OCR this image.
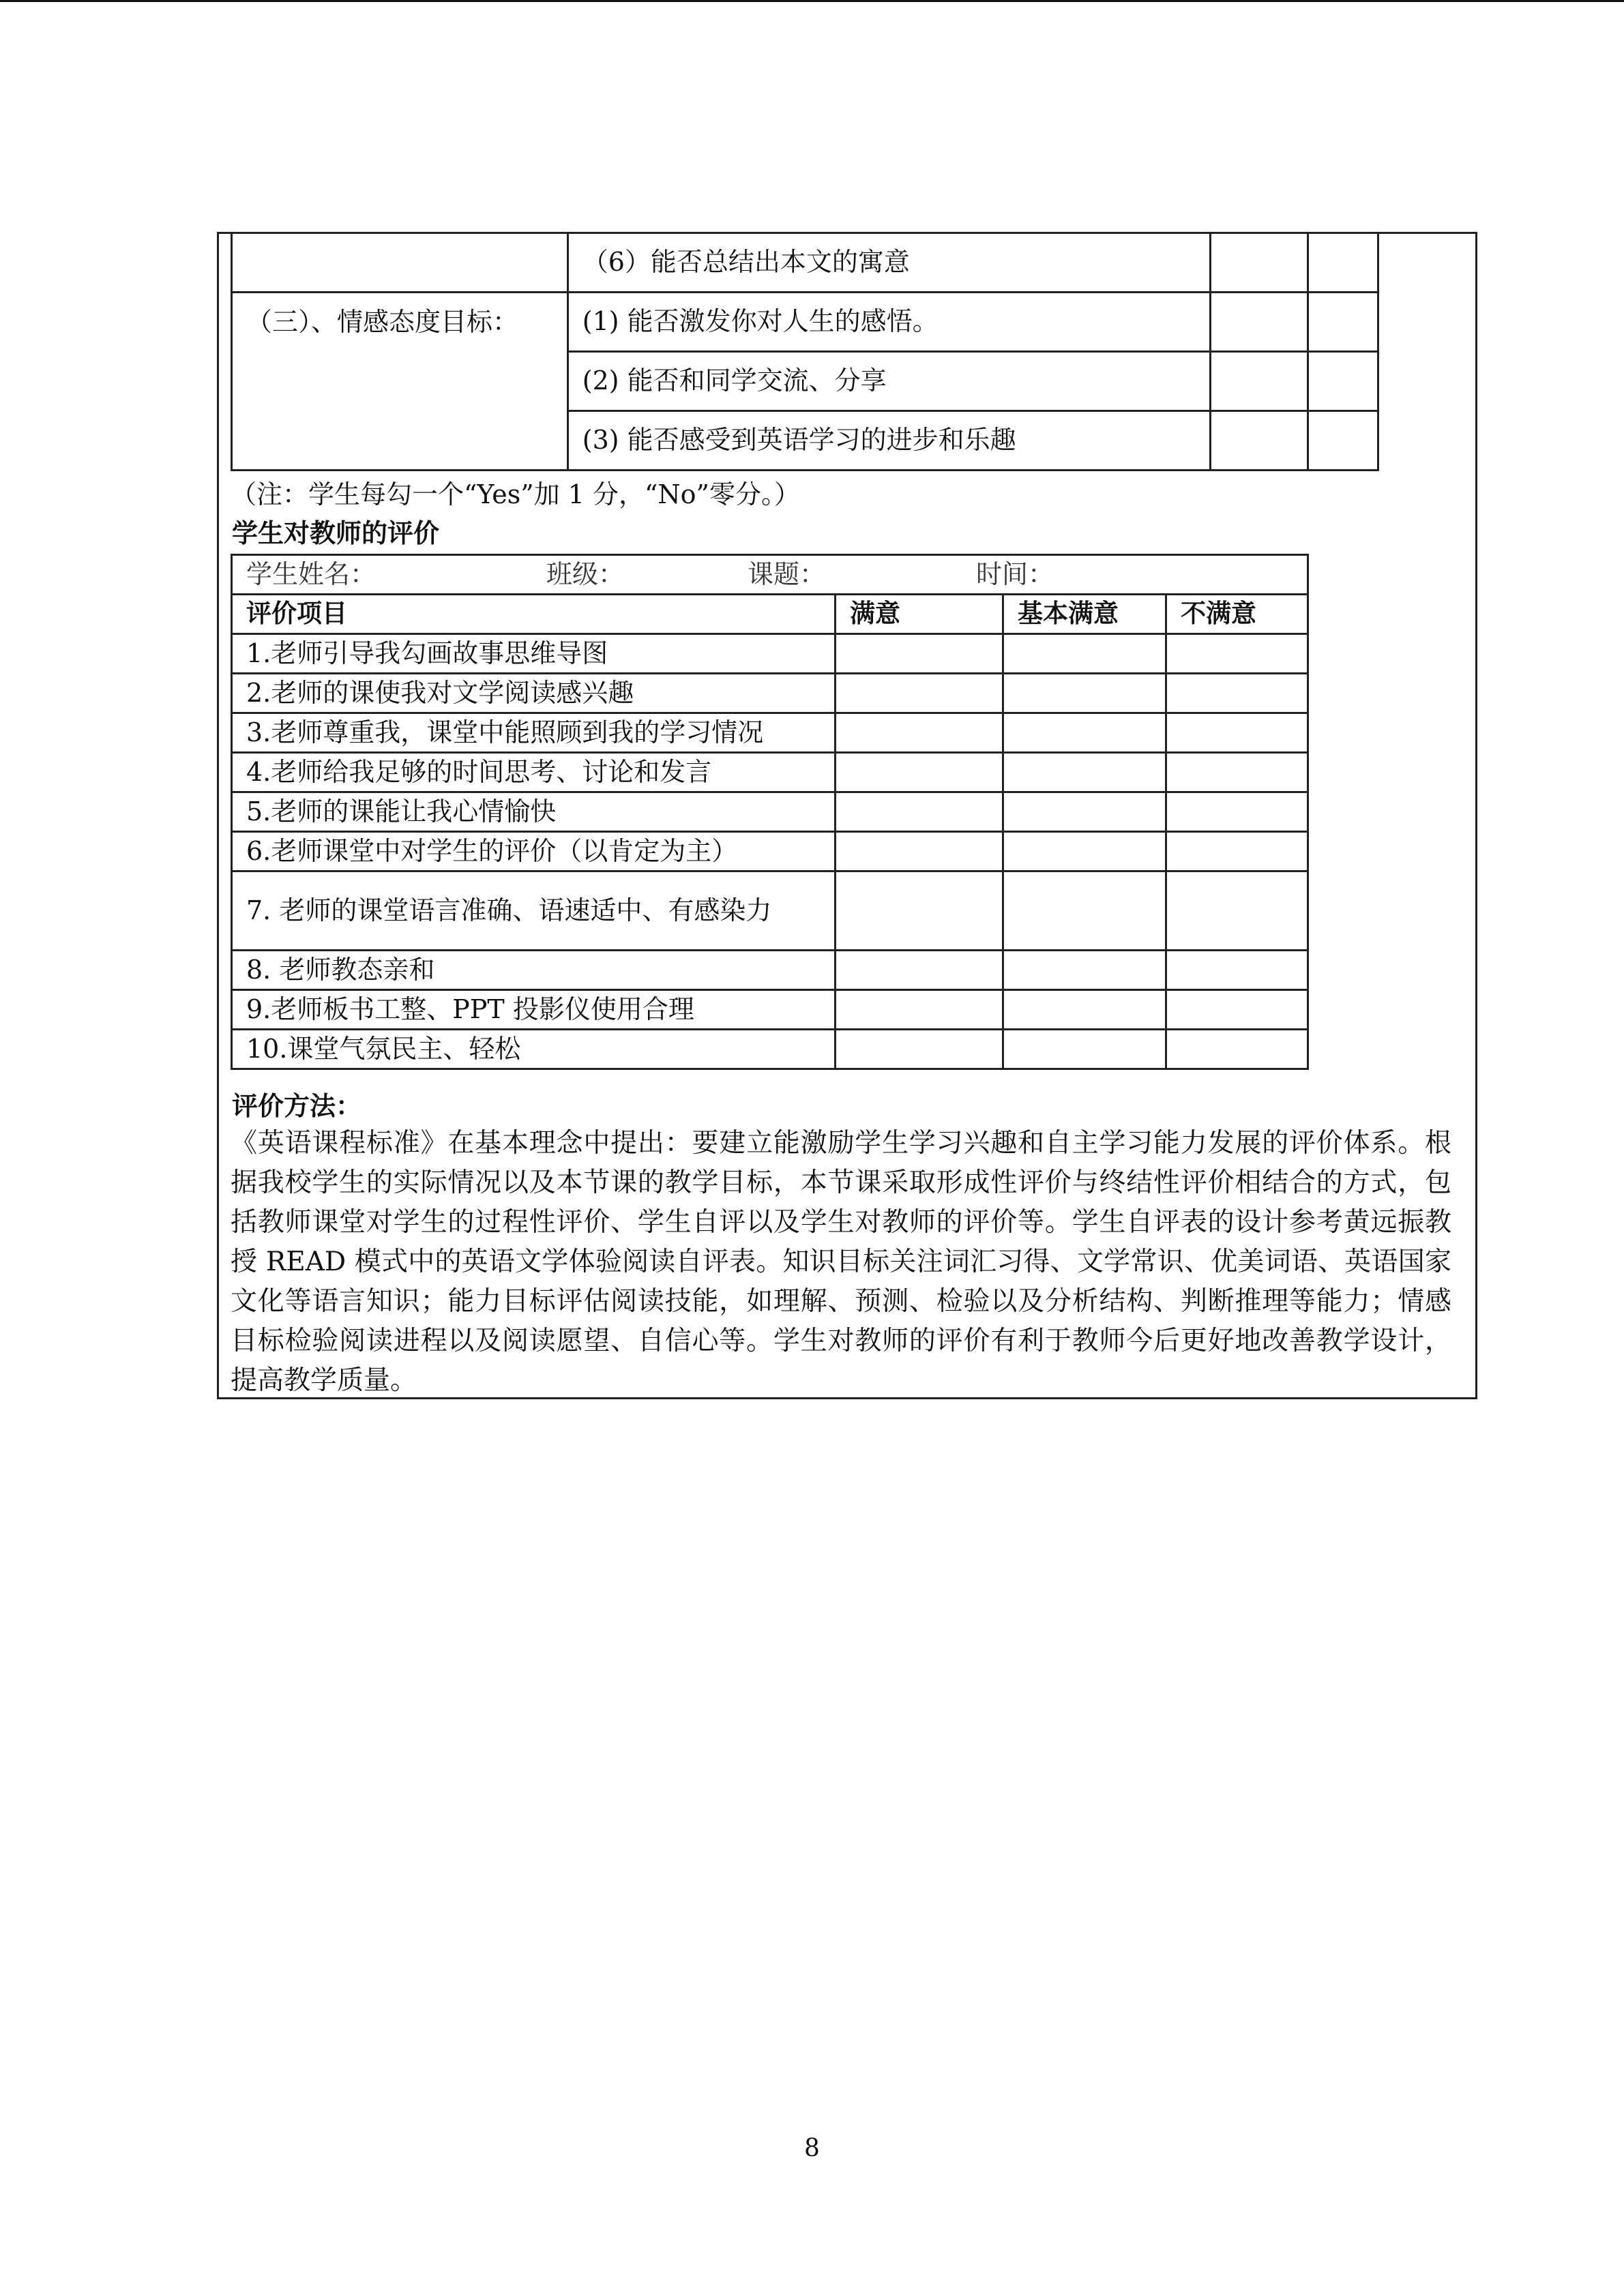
	（6）能否总结出本文的寓意		
（三）、情感态度目标：	(1) 能否激发你对人生的感悟。		
	(2) 能否和同学交流、分享		
	(3) 能否感受到英语学习的进步和乐趣		
（注：学生每勾一个“Yes”加 1 分，“No”零分。）
学生对教师的评价
学生姓名： 班级： 课题： 时间：			
评价项目	满意	基本满意	不满意
1.老师引导我勾画故事思维导图			
2.老师的课使我对文学阅读感兴趣			
3.老师尊重我，课堂中能照顾到我的学习情况			
4.老师给我足够的时间思考、讨论和发言			
5.老师的课能让我心情愉快			
6.老师课堂中对学生的评价（以肯定为主）			
7. 老师的课堂语言准确、语速适中、有感染力			
8. 老师教态亲和			
9.老师板书工整、PPT 投影仪使用合理			
10.课堂气氛民主、轻松			
评价方法：
《英语课程标准》在基本理念中提出：要建立能激励学生学习兴趣和自主学习能力发展的评价体系。根据我校学生的实际情况以及本节课的教学目标，本节课采取形成性评价与终结性评价相结合的方式，包括教师课堂对学生的过程性评价、学生自评以及学生对教师的评价等。学生自评表的设计参考黄远振教授 READ 模式中的英语文学体验阅读自评表。知识目标关注词汇习得、文学常识、优美词语、英语国家文化等语言知识；能力目标评估阅读技能，如理解、预测、检验以及分析结构、判断推理等能力；情感目标检验阅读进程以及阅读愿望、自信心等。学生对教师的评价有利于教师今后更好地改善教学设计，提高教学质量。
8
